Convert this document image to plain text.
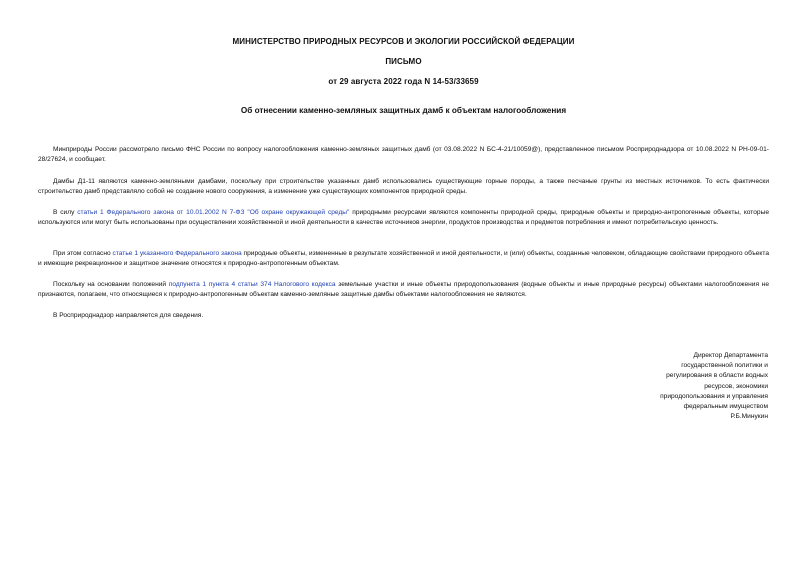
МИНИСТЕРСТВО ПРИРОДНЫХ РЕСУРСОВ И ЭКОЛОГИИ РОССИЙСКОЙ ФЕДЕРАЦИИ
ПИСЬМО
от 29 августа 2022 года N 14-53/33659
Об отнесении каменно-земляных защитных дамб к объектам налогообложения
Минприроды России рассмотрело письмо ФНС России по вопросу налогообложения каменно-земляных защитных дамб (от 03.08.2022 N БС-4-21/10059@), представленное письмом Росприроднадзора от 10.08.2022 N РН-09-01-28/27624, и сообщает.
Дамбы Д1-11 являются каменно-земляными дамбами, поскольку при строительстве указанных дамб использовались существующие горные породы, а также песчаные грунты из местных источников. То есть фактически строительство дамб представляло собой не создание нового сооружения, а изменение уже существующих компонентов природной среды.
В силу статьи 1 Федерального закона от 10.01.2002 N 7-ФЗ "Об охране окружающей среды" природными ресурсами являются компоненты природной среды, природные объекты и природно-антропогенные объекты, которые используются или могут быть использованы при осуществлении хозяйственной и иной деятельности в качестве источников энергии, продуктов производства и предметов потребления и имеют потребительскую ценность.
При этом согласно статье 1 указанного Федерального закона природные объекты, измененные в результате хозяйственной и иной деятельности, и (или) объекты, созданные человеком, обладающие свойствами природного объекта и имеющие рекреационное и защитное значение относятся к природно-антропогенным объектам.
Поскольку на основании положений подпункта 1 пункта 4 статьи 374 Налогового кодекса земельные участки и иные объекты природопользования (водные объекты и иные природные ресурсы) объектами налогообложения не признаются, полагаем, что относящиеся к природно-антропогенным объектам каменно-земляные защитные дамбы объектами налогообложения не являются.
В Росприроднадзор направляется для сведения.
Директор Департамента
государственной политики и
регулирования в области водных
ресурсов, экономики
природопользования и управления
федеральным имуществом
Р.Б.Минукин
